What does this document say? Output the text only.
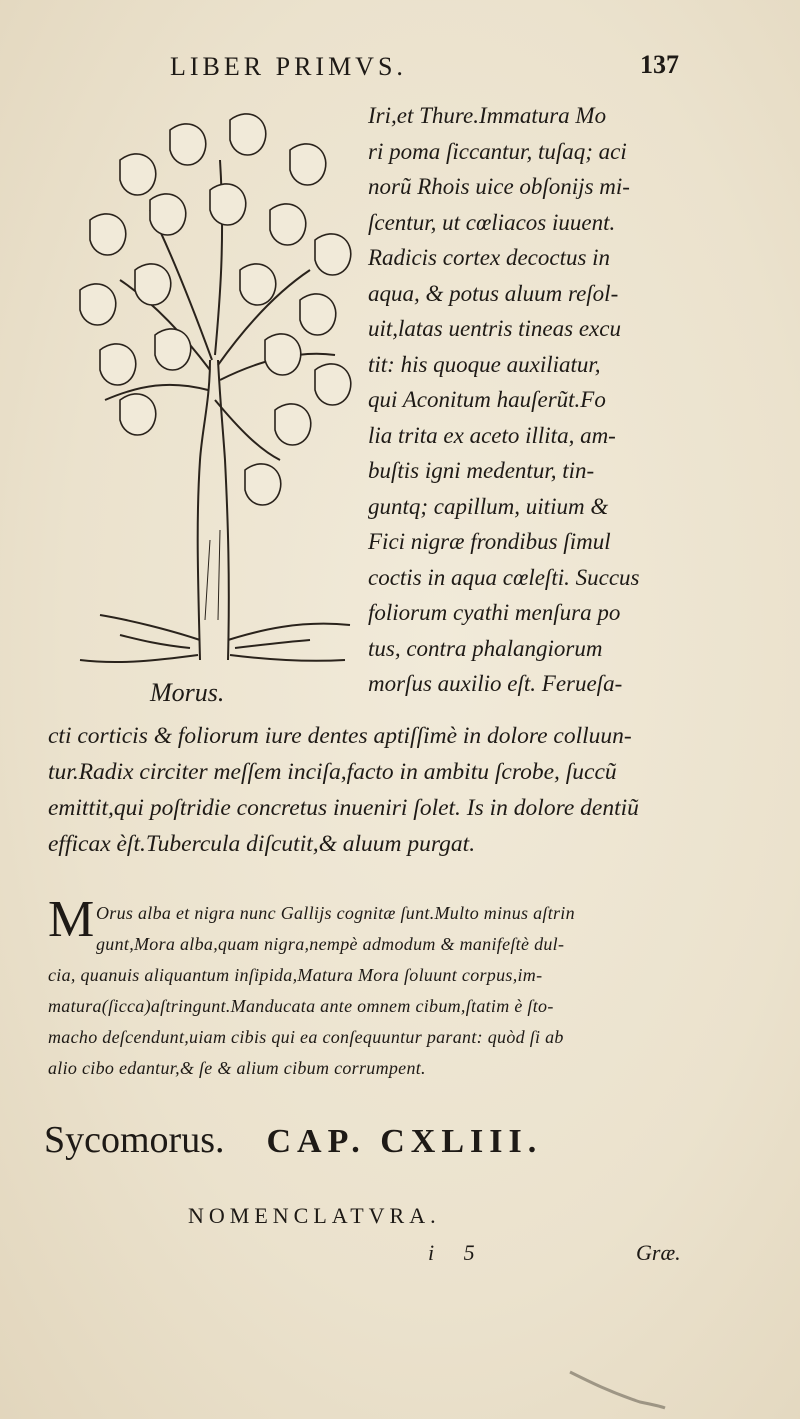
LIBER PRIMVS.	137
Morus.
Iri,et Thure.Immatura Mo
ri poma ſiccantur, tuſaq; aci
norũ Rhois uice obſonijs mi-
ſcentur, ut cœliacos iuuent.
Radicis cortex decoctus in
aqua, & potus aluum reſol-
uit,latas uentris tineas excu
tit: his quoque auxiliatur,
qui Aconitum hauſerũt.Fo
lia trita ex aceto illita, am-
buſtis igni medentur, tin-
guntq; capillum, uitium &
Fici nigræ frondibus ſimul
coctis in aqua cœleſti. Succus
foliorum cyathi menſura po
tus, contra phalangiorum
morſus auxilio eſt. Ferueſa-
cti corticis & foliorum iure dentes aptiſſimè in dolore colluun-
tur.Radix circiter meſſem inciſa,facto in ambitu ſcrobe, ſuccũ
emittit,qui poſtridie concretus inueniri ſolet. Is in dolore dentiũ
efficax èſt.Tubercula diſcutit,& aluum purgat.
M Orus alba et nigra nunc Gallijs cognitæ ſunt.Multo minus aſtrin
gunt,Mora alba,quam nigra,nempè admodum & manifeſtè dul-
cia, quanuis aliquantum inſipida,Matura Mora ſoluunt corpus,im-
matura(ſicca)aſtringunt.Manducata ante omnem cibum,ſtatim è ſto-
macho deſcendunt,uiam cibis qui ea conſequuntur parant: quòd ſi ab
alio cibo edantur,& ſe & alium cibum corrumpent.
Sycomorus. CAP. CXLIII.
NOMENCLATVRA.
i 5	Græ.
